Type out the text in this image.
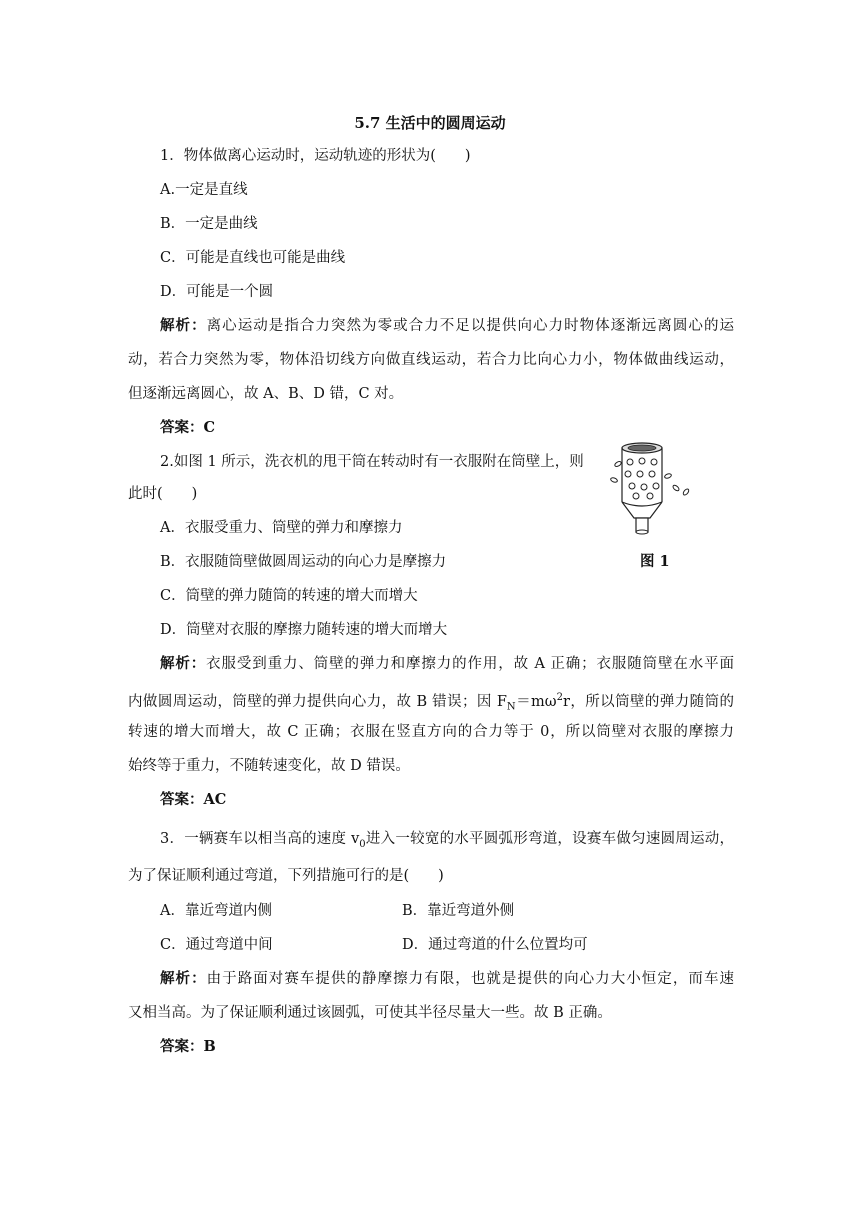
5.7 生活中的圆周运动
1．物体做离心运动时，运动轨迹的形状为(　　)
A.一定是直线
B．一定是曲线
C．可能是直线也可能是曲线
D．可能是一个圆
解析：离心运动是指合力突然为零或合力不足以提供向心力时物体逐渐远离圆心的运
动，若合力突然为零，物体沿切线方向做直线运动，若合力比向心力小，物体做曲线运动，
但逐渐远离圆心，故 A、B、D 错，C 对。
答案：C
2.如图 1 所示，洗衣机的甩干筒在转动时有一衣服附在筒壁上，则
此时(　　)
A．衣服受重力、筒壁的弹力和摩擦力
B．衣服随筒壁做圆周运动的向心力是摩擦力
C．筒壁的弹力随筒的转速的增大而增大
D．筒壁对衣服的摩擦力随转速的增大而增大
图 1
解析：衣服受到重力、筒壁的弹力和摩擦力的作用，故 A 正确；衣服随筒壁在水平面
内做圆周运动，筒壁的弹力提供向心力，故 B 错误；因 $F_N=m\omega^2r$，所以筒壁的弹力随筒的
转速的增大而增大，故 C 正确；衣服在竖直方向的合力等于 0，所以筒壁对衣服的摩擦力
始终等于重力，不随转速变化，故 D 错误。
答案：AC
3．一辆赛车以相当高的速度 $v_0$进入一较宽的水平圆弧形弯道，设赛车做匀速圆周运动，
为了保证顺利通过弯道，下列措施可行的是(　　)
A．靠近弯道内侧	B．靠近弯道外侧
C．通过弯道中间	D．通过弯道的什么位置均可
解析：由于路面对赛车提供的静摩擦力有限，也就是提供的向心力大小恒定，而车速
又相当高。为了保证顺利通过该圆弧，可使其半径尽量大一些。故 B 正确。
答案：B
